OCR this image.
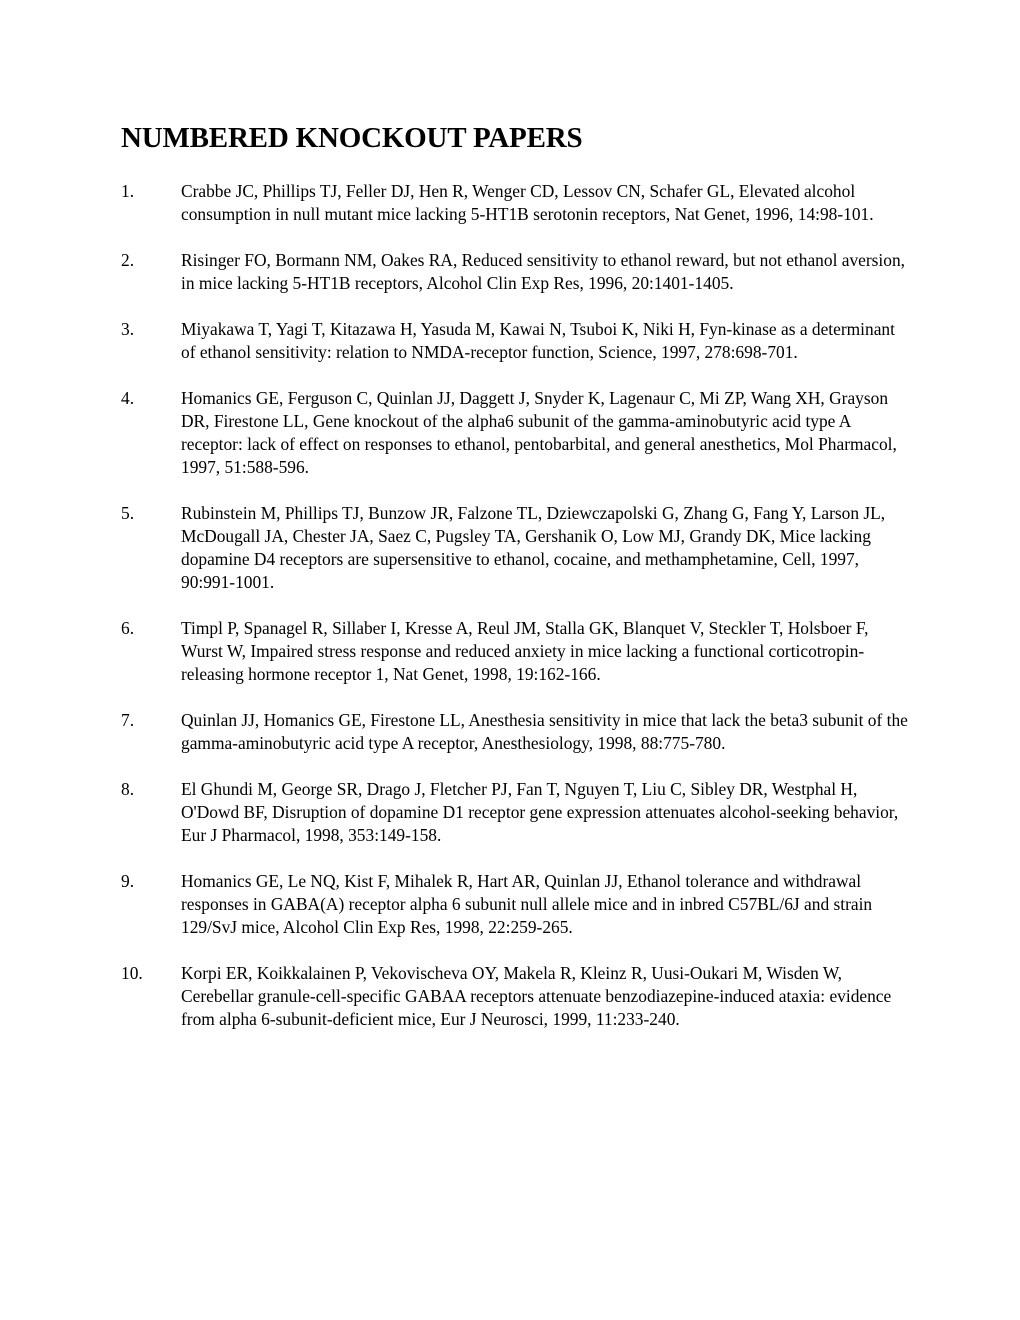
NUMBERED KNOCKOUT PAPERS
1.	Crabbe JC, Phillips TJ, Feller DJ, Hen R, Wenger CD, Lessov CN, Schafer GL, Elevated alcohol consumption in null mutant mice lacking 5-HT1B serotonin receptors, Nat Genet, 1996, 14:98-101.
2.	Risinger FO, Bormann NM, Oakes RA, Reduced sensitivity to ethanol reward, but not ethanol aversion, in mice lacking 5-HT1B receptors, Alcohol Clin Exp Res, 1996, 20:1401-1405.
3.	Miyakawa T, Yagi T, Kitazawa H, Yasuda M, Kawai N, Tsuboi K, Niki H, Fyn-kinase as a determinant of ethanol sensitivity: relation to NMDA-receptor function, Science, 1997, 278:698-701.
4.	Homanics GE, Ferguson C, Quinlan JJ, Daggett J, Snyder K, Lagenaur C, Mi ZP, Wang XH, Grayson DR, Firestone LL, Gene knockout of the alpha6 subunit of the gamma-aminobutyric acid type A receptor: lack of effect on responses to ethanol, pentobarbital, and general anesthetics, Mol Pharmacol, 1997, 51:588-596.
5.	Rubinstein M, Phillips TJ, Bunzow JR, Falzone TL, Dziewczapolski G, Zhang G, Fang Y, Larson JL, McDougall JA, Chester JA, Saez C, Pugsley TA, Gershanik O, Low MJ, Grandy DK, Mice lacking dopamine D4 receptors are supersensitive to ethanol, cocaine, and methamphetamine, Cell, 1997, 90:991-1001.
6.	Timpl P, Spanagel R, Sillaber I, Kresse A, Reul JM, Stalla GK, Blanquet V, Steckler T, Holsboer F, Wurst W, Impaired stress response and reduced anxiety in mice lacking a functional corticotropin-releasing hormone receptor 1, Nat Genet, 1998, 19:162-166.
7.	Quinlan JJ, Homanics GE, Firestone LL, Anesthesia sensitivity in mice that lack the beta3 subunit of the gamma-aminobutyric acid type A receptor, Anesthesiology, 1998, 88:775-780.
8.	El Ghundi M, George SR, Drago J, Fletcher PJ, Fan T, Nguyen T, Liu C, Sibley DR, Westphal H, O'Dowd BF, Disruption of dopamine D1 receptor gene expression attenuates alcohol-seeking behavior, Eur J Pharmacol, 1998, 353:149-158.
9.	Homanics GE, Le NQ, Kist F, Mihalek R, Hart AR, Quinlan JJ, Ethanol tolerance and withdrawal responses in GABA(A) receptor alpha 6 subunit null allele mice and in inbred C57BL/6J and strain 129/SvJ mice, Alcohol Clin Exp Res, 1998, 22:259-265.
10.	Korpi ER, Koikkalainen P, Vekovischeva OY, Makela R, Kleinz R, Uusi-Oukari M, Wisden W, Cerebellar granule-cell-specific GABAA receptors attenuate benzodiazepine-induced ataxia: evidence from alpha 6-subunit-deficient mice, Eur J Neurosci, 1999, 11:233-240.
